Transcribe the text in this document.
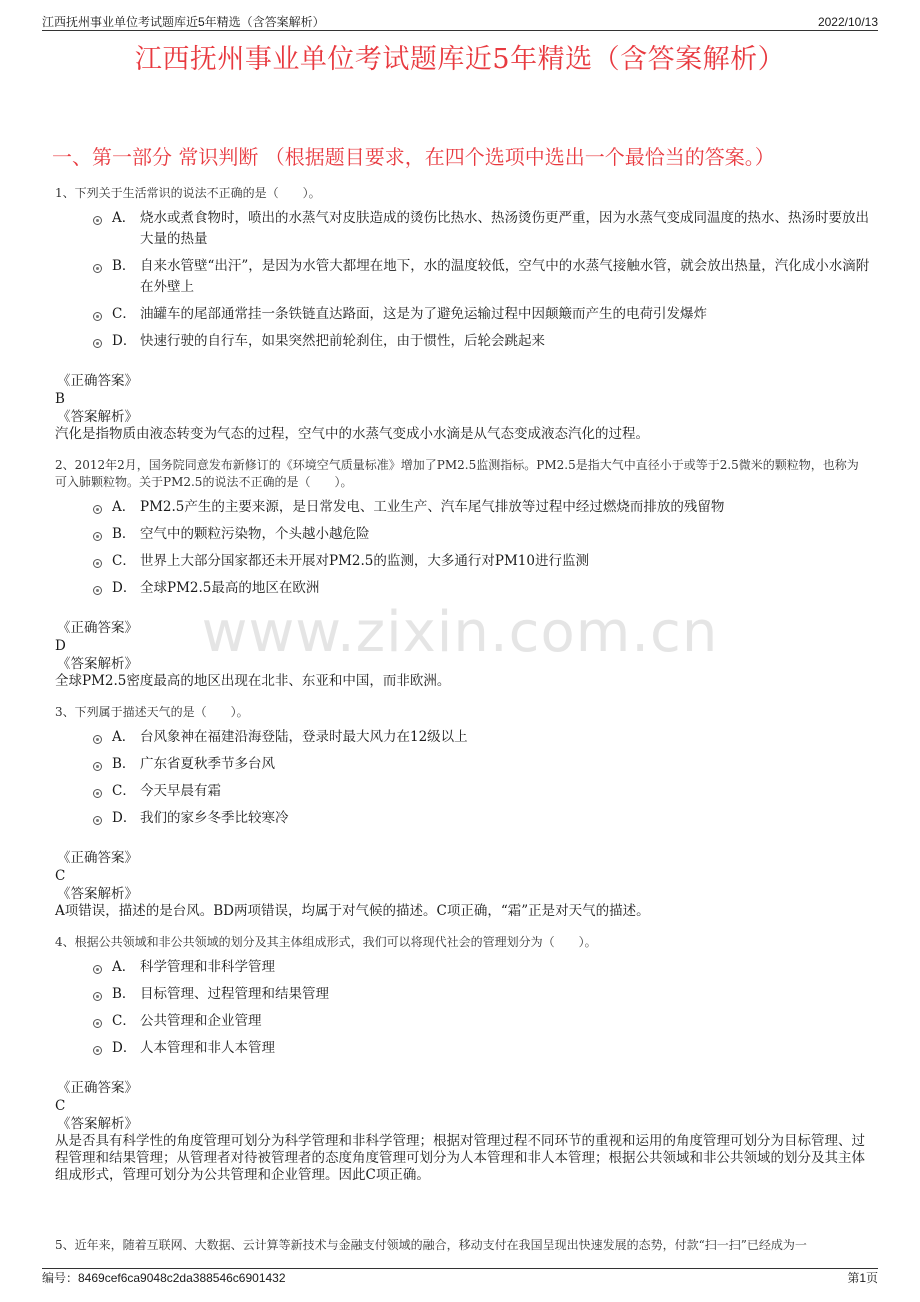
江西抚州事业单位考试题库近5年精选（含答案解析）	2022/10/13
江西抚州事业单位考试题库近5年精选（含答案解析）
一、第一部分 常识判断 （根据题目要求，在四个选项中选出一个最恰当的答案。）
www.zixin.com.cn
1、下列关于生活常识的说法不正确的是（　　）。
A． 烧水或煮食物时，喷出的水蒸气对皮肤造成的烫伤比热水、热汤烫伤更严重，因为水蒸气变成同温度的热水、热汤时要放出大量的热量
B． 自来水管壁“出汗”，是因为水管大都埋在地下，水的温度较低，空气中的水蒸气接触水管，就会放出热量，汽化成小水滴附在外壁上
C． 油罐车的尾部通常挂一条铁链直达路面，这是为了避免运输过程中因颠簸而产生的电荷引发爆炸
D． 快速行驶的自行车，如果突然把前轮刹住，由于惯性，后轮会跳起来
《正确答案》
B
《答案解析》
汽化是指物质由液态转变为气态的过程，空气中的水蒸气变成小水滴是从气态变成液态汽化的过程。
2、2012年2月，国务院同意发布新修订的《环境空气质量标准》增加了PM2.5监测指标。PM2.5是指大气中直径小于或等于2.5微米的颗粒物，也称为可入肺颗粒物。关于PM2.5的说法不正确的是（　　）。
A． PM2.5产生的主要来源，是日常发电、工业生产、汽车尾气排放等过程中经过燃烧而排放的残留物
B． 空气中的颗粒污染物，个头越小越危险
C． 世界上大部分国家都还未开展对PM2.5的监测，大多通行对PM10进行监测
D． 全球PM2.5最高的地区在欧洲
《正确答案》
D
《答案解析》
全球PM2.5密度最高的地区出现在北非、东亚和中国，而非欧洲。
3、下列属于描述天气的是（　　）。
A． 台风象神在福建沿海登陆，登录时最大风力在12级以上
B． 广东省夏秋季节多台风
C． 今天早晨有霜
D． 我们的家乡冬季比较寒冷
《正确答案》
C
《答案解析》
A项错误，描述的是台风。BD两项错误，均属于对气候的描述。C项正确，“霜”正是对天气的描述。
4、根据公共领域和非公共领域的划分及其主体组成形式，我们可以将现代社会的管理划分为（　　）。
A． 科学管理和非科学管理
B． 目标管理、过程管理和结果管理
C． 公共管理和企业管理
D． 人本管理和非人本管理
《正确答案》
C
《答案解析》
从是否具有科学性的角度管理可划分为科学管理和非科学管理；根据对管理过程不同环节的重视和运用的角度管理可划分为目标管理、过程管理和结果管理；从管理者对待被管理者的态度角度管理可划分为人本管理和非人本管理；根据公共领域和非公共领域的划分及其主体组成形式，管理可划分为公共管理和企业管理。因此C项正确。
5、近年来，随着互联网、大数据、云计算等新技术与金融支付领域的融合，移动支付在我国呈现出快速发展的态势，付款“扫一扫”已经成为一
编号：8469cef6ca9048c2da388546c6901432	第1页
